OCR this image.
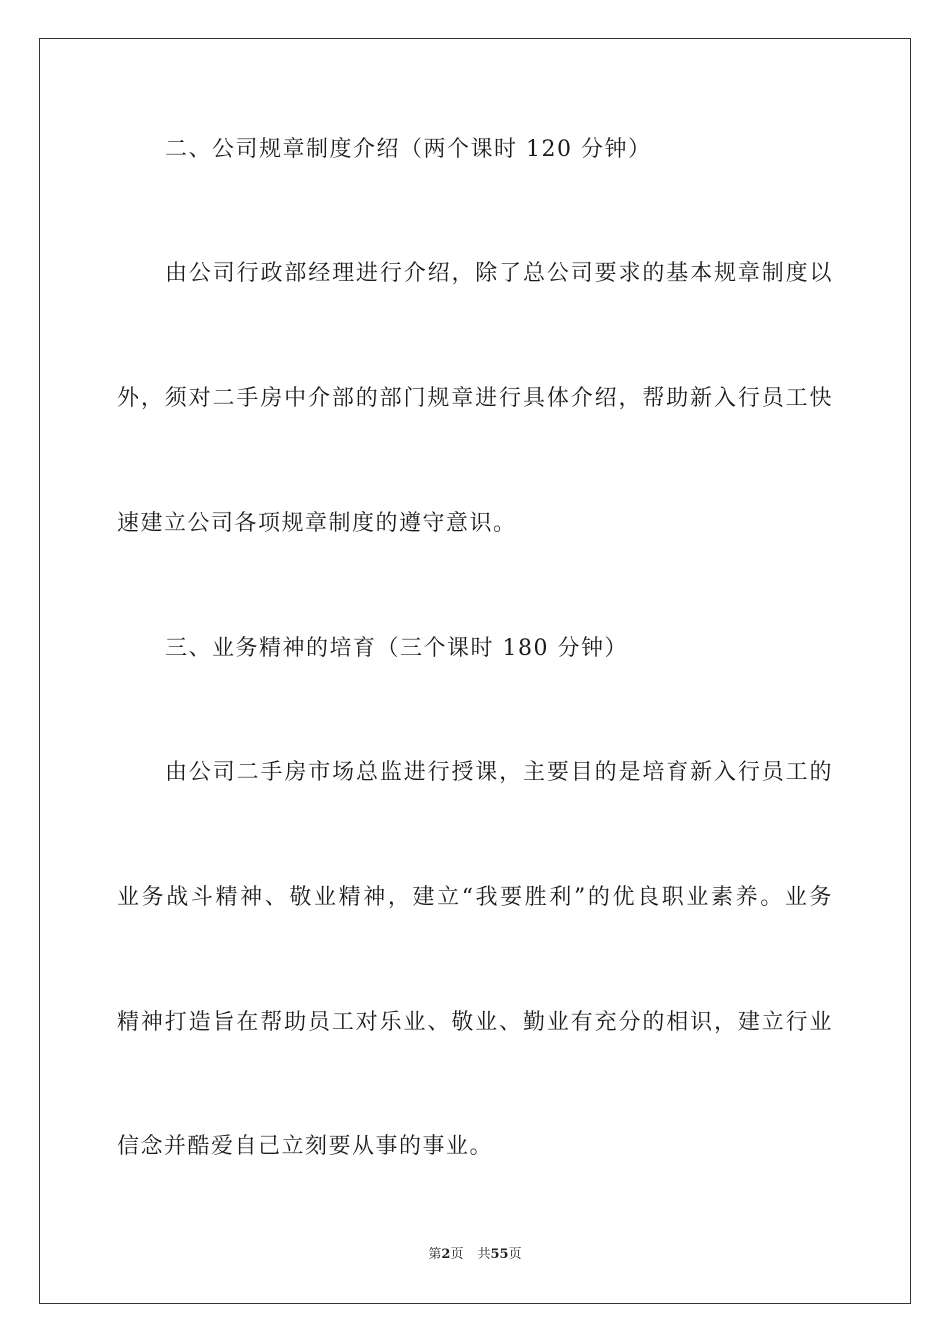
二、公司规章制度介绍（两个课时 120 分钟）
由公司行政部经理进行介绍，除了总公司要求的基本规章制度以
外，须对二手房中介部的部门规章进行具体介绍，帮助新入行员工快
速建立公司各项规章制度的遵守意识。
三、业务精神的培育（三个课时 180 分钟）
由公司二手房市场总监进行授课，主要目的是培育新入行员工的
业务战斗精神、敬业精神，建立“我要胜利”的优良职业素养。业务
精神打造旨在帮助员工对乐业、敬业、勤业有充分的相识，建立行业
信念并酷爱自己立刻要从事的事业。
第2页 共55页
